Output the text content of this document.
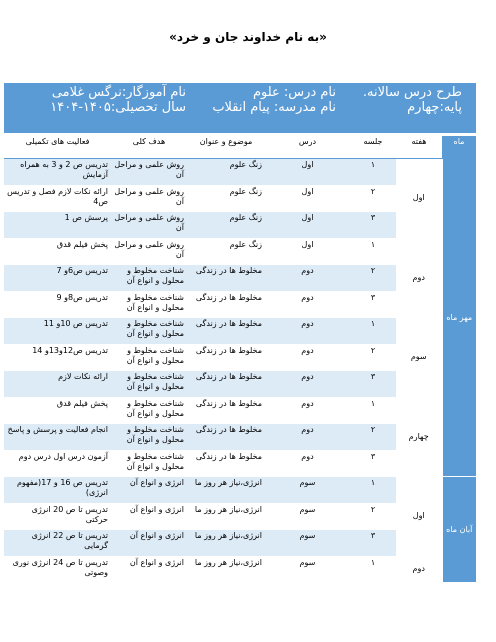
«به نام خداوند جان و خرد»
طرح درس سالانه.
پایه:چهارم
نام درس: علوم
نام مدرسه: پیام انقلاب
نام آموزگار:نرگس غلامی
سال تحصیلی:۱۴۰۵-۱۴۰۴
ماه	هفته	جلسه	درس	موضوع و عنوان	هدف کلی	فعالیت های تکمیلی
مهر ماه	اول	۱	اول	زنگ علوم	روش علمی و مراحل آن	تدریس ص 2 و 3 به همراه آزمایش
		۲	اول	زنگ علوم	روش علمی و مراحل آن	ارائه نکات لازم فصل و تدریس ص4
		۳	اول	زنگ علوم	روش علمی و مراحل آن	پرسش ص 1
	دوم	۱	اول	زنگ علوم	روش علمی و مراحل آن	پخش فیلم قدق
		۲	دوم	مخلوط ها در زندگی	شناخت مخلوط و محلول و انواع آن	تدریس ص6و 7
		۳	دوم	مخلوط ها در زندگی	شناخت مخلوط و محلول و انواع آن	تدریس ص8و 9
	سوم	۱	دوم	مخلوط ها در زندگی	شناخت مخلوط و محلول و انواع آن	تدریس ص 10و 11
		۲	دوم	مخلوط ها در زندگی	شناخت مخلوط و محلول و انواع آن	تدریس ص12و13و 14
		۳	دوم	مخلوط ها در زندگی	شناخت مخلوط و محلول و انواع آن	ارائه نکات لازم
	چهارم	۱	دوم	مخلوط ها در زندگی	شناخت مخلوط و محلول و انواع آن	پخش فیلم قدق
		۲	دوم	مخلوط ها در زندگی	شناخت مخلوط و محلول و انواع آن	انجام فعالیت و پرسش و پاسخ
		۳	دوم	مخلوط ها در زندگی	شناخت مخلوط و محلول و انواع آن	آزمون درس اول درس دوم
آبان ماه	اول	۱	سوم	انرژی،نیاز هر روز ما	انرژی و انواع آن	تدریس ص 16 و 17(مفهوم انرژی)
		۲	سوم	انرژی،نیاز هر روز ما	انرژی و انواع آن	تدریس تا ص 20 انرژی حرکتی
		۳	سوم	انرژی،نیاز هر روز ما	انرژی و انواع آن	تدریس تا ص 22 انرژی گرمایی
	دوم	۱	سوم	انرژی،نیاز هر روز ما	انرژی و انواع آن	تدریس تا ص 24 انرژی نوری وصوتی
